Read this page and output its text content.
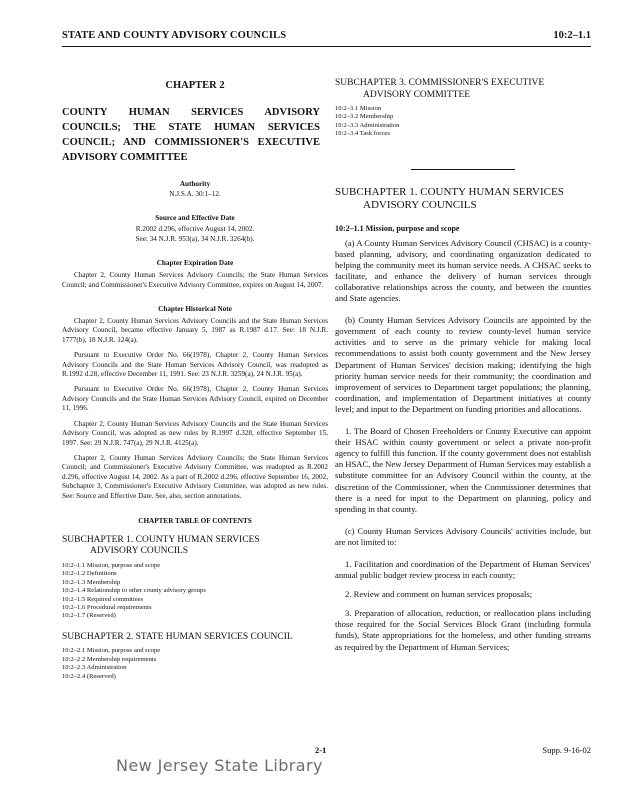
STATE AND COUNTY ADVISORY COUNCILS	10:2–1.1
CHAPTER 2
COUNTY HUMAN SERVICES ADVISORY COUNCILS; THE STATE HUMAN SERVICES COUNCIL; AND COMMISSIONER'S EXECUTIVE ADVISORY COMMITTEE
Authority
N.J.S.A. 30:1–12.
Source and Effective Date
R.2002 d.296, effective August 14, 2002.
See: 34 N.J.R. 953(a), 34 N.J.R. 3264(b).
Chapter Expiration Date
Chapter 2, County Human Services Advisory Councils; the State Human Services Council; and Commissioner's Executive Advisory Committee, expires on August 14, 2007.
Chapter Historical Note
Chapter 2, County Human Services Advisory Councils and the State Human Services Advisory Council, became effective January 5, 1987 as R.1987 d.17. See: 18 N.J.R. 1777(b), 18 N.J.R. 124(a).
Pursuant to Executive Order No. 66(1978), Chapter 2, County Human Services Advisory Councils and the State Human Services Advisory Council, was readopted as R.1992 d.28, effective December 11, 1991. See: 23 N.J.R. 3259(a), 24 N.J.R. 95(a).
Pursuant to Executive Order No. 66(1978), Chapter 2, County Human Services Advisory Councils and the State Human Services Advisory Council, expired on December 11, 1996.
Chapter 2, County Human Services Advisory Councils and the State Human Services Advisory Council, was adopted as new rules by R.1997 d.328, effective September 15, 1997. See: 29 N.J.R. 747(a), 29 N.J.R. 4125(a).
Chapter 2, County Human Services Advisory Councils; the State Human Services Council; and Commissioner's Executive Advisory Committee, was readopted as R.2002 d.296, effective August 14, 2002. As a part of R.2002 d.296, effective September 16, 2002, Subchapter 3, Commissioner's Executive Advisory Committee, was adopted as new rules. See: Source and Effective Date. See, also, section annotations.
CHAPTER TABLE OF CONTENTS
SUBCHAPTER 1. COUNTY HUMAN SERVICES
ADVISORY COUNCILS
10:2–1.1 Mission, purpose and scope
10:2–1.2 Definitions
10:2–1.3 Membership
10:2–1.4 Relationship to other county advisory groups
10:2–1.5 Required committees
10:2–1.6 Procedural requirements
10:2–1.7 (Reserved)
SUBCHAPTER 2. STATE HUMAN SERVICES COUNCIL
10:2–2.1 Mission, purpose and scope
10:2–2.2 Membership requirements
10:2–2.3 Administration
10:2–2.4 (Reserved)
SUBCHAPTER 3. COMMISSIONER'S EXECUTIVE
ADVISORY COMMITTEE
10:2–3.1 Mission
10:2–3.2 Membership
10:2–3.3 Administration
10:2–3.4 Task forces
SUBCHAPTER 1. COUNTY HUMAN SERVICES
ADVISORY COUNCILS
10:2–1.1 Mission, purpose and scope
(a) A County Human Services Advisory Council (CHSAC) is a county-based planning, advisory, and coordinating organization dedicated to helping the community meet its human service needs. A CHSAC seeks to facilitate, and enhance the delivery of human services through collaborative relationships across the county, and between the counties and State agencies.
(b) County Human Services Advisory Councils are appointed by the government of each county to review county-level human service activities and to serve as the primary vehicle for making local recommendations to assist both county government and the New Jersey Department of Human Services' decision making; identifying the high priority human service needs for their community; the coordination and improvement of services to Department target populations; the planning, coordination, and implementation of Department initiatives at county level; and input to the Department on funding priorities and allocations.
1. The Board of Chosen Freeholders or County Executive can appoint their HSAC within county government or select a private non-profit agency to fulfill this function. If the county government does not establish an HSAC, the New Jersey Department of Human Services may establish a substitute committee for an Advisory Council within the county, at the discretion of the Commissioner, when the Commissioner determines that there is a need for input to the Department on planning, policy and spending in that county.
(c) County Human Services Advisory Councils' activities include, but are not limited to:
1. Facilitation and coordination of the Department of Human Services' annual public budget review process in each county;
2. Review and comment on human services proposals;
3. Preparation of allocation, reduction, or reallocation plans including those required for the Social Services Block Grant (including formula funds), State appropriations for the homeless, and other funding streams as required by the Department of Human Services;
2-1	Supp. 9-16-02
New Jersey State Library
